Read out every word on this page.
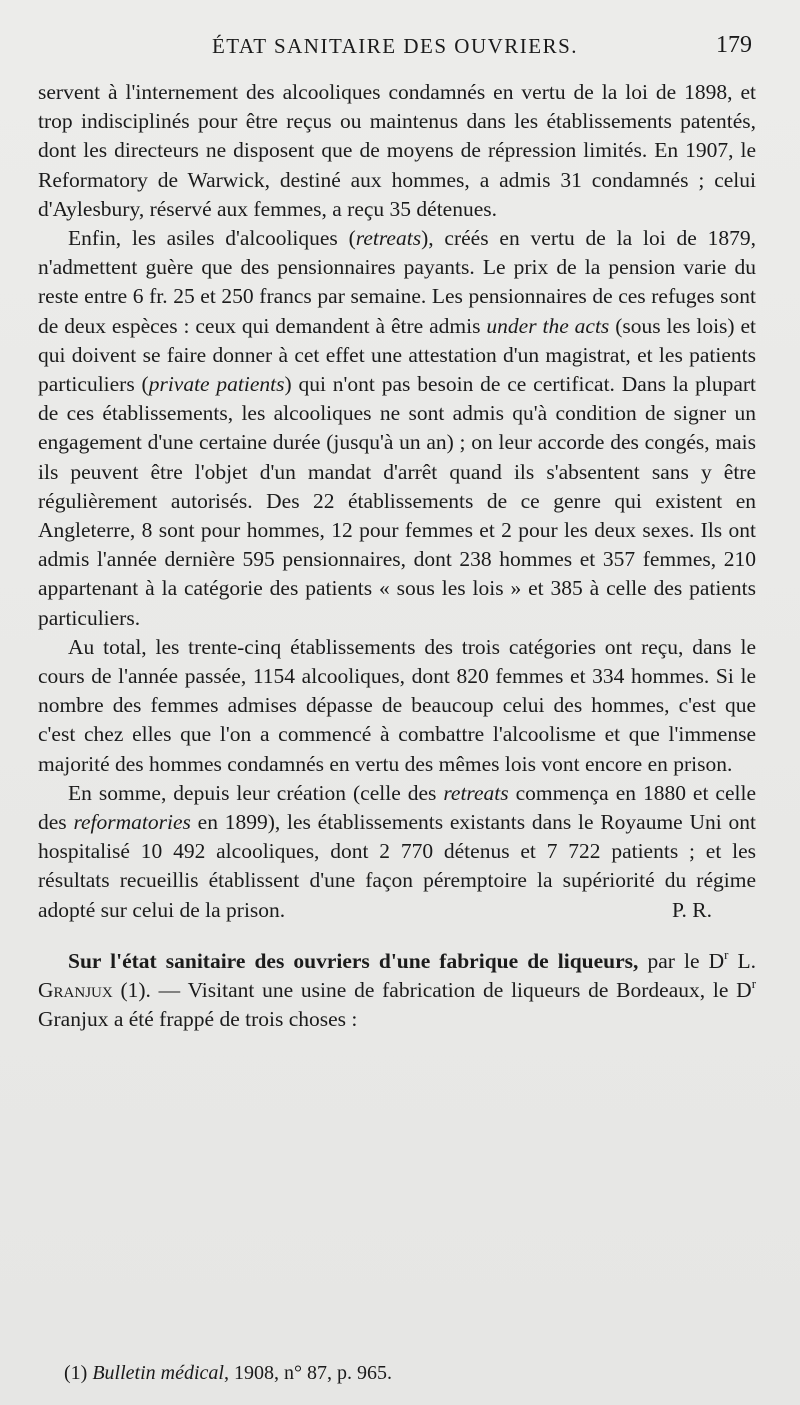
ÉTAT SANITAIRE DES OUVRIERS.	179

servent à l'internement des alcooliques condamnés en vertu de la loi de 1898, et trop indisciplinés pour être reçus ou maintenus dans les établissements patentés, dont les directeurs ne disposent que de moyens de répression limités. En 1907, le Reformatory de Warwick, destiné aux hommes, a admis 31 condamnés ; celui d'Aylesbury, réservé aux femmes, a reçu 35 détenues.

Enfin, les asiles d'alcooliques (retreats), créés en vertu de la loi de 1879, n'admettent guère que des pensionnaires payants. Le prix de la pension varie du reste entre 6 fr. 25 et 250 francs par semaine. Les pensionnaires de ces refuges sont de deux espèces : ceux qui demandent à être admis under the acts (sous les lois) et qui doivent se faire donner à cet effet une attestation d'un magistrat, et les patients particuliers (private patients) qui n'ont pas besoin de ce certificat. Dans la plupart de ces établissements, les alcooliques ne sont admis qu'à condition de signer un engagement d'une certaine durée (jusqu'à un an) ; on leur accorde des congés, mais ils peuvent être l'objet d'un mandat d'arrêt quand ils s'absentent sans y être régulièrement autorisés. Des 22 établissements de ce genre qui existent en Angleterre, 8 sont pour hommes, 12 pour femmes et 2 pour les deux sexes. Ils ont admis l'année dernière 595 pensionnaires, dont 238 hommes et 357 femmes, 210 appartenant à la catégorie des patients « sous les lois » et 385 à celle des patients particuliers.

Au total, les trente-cinq établissements des trois catégories ont reçu, dans le cours de l'année passée, 1154 alcooliques, dont 820 femmes et 334 hommes. Si le nombre des femmes admises dépasse de beaucoup celui des hommes, c'est que c'est chez elles que l'on a commencé à combattre l'alcoolisme et que l'immense majorité des hommes condamnés en vertu des mêmes lois vont encore en prison.

En somme, depuis leur création (celle des retreats commença en 1880 et celle des reformatories en 1899), les établissements existants dans le Royaume Uni ont hospitalisé 10 492 alcooliques, dont 2 770 détenus et 7 722 patients ; et les résultats recueillis établissent d'une façon péremptoire la supériorité du régime adopté sur celui de la prison.	P. R.

Sur l'état sanitaire des ouvriers d'une fabrique de liqueurs, par le $D^r$ L. Granjux (1). — Visitant une usine de fabrication de liqueurs de Bordeaux, le $D^r$ Granjux a été frappé de trois choses :

(1) Bulletin médical, 1908, n° 87, p. 965.
